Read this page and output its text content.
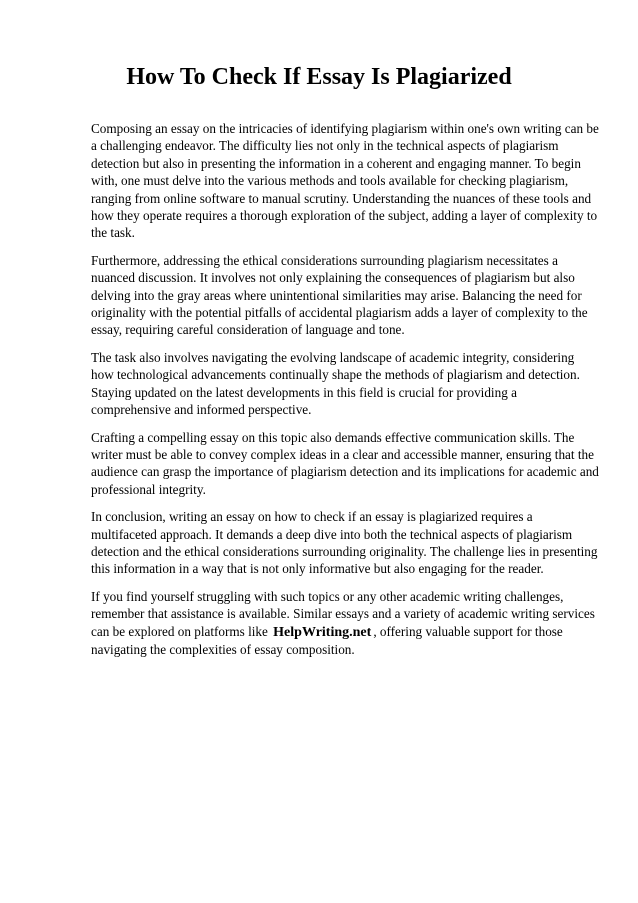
How To Check If Essay Is Plagiarized

Composing an essay on the intricacies of identifying plagiarism within one's own writing can be a challenging endeavor. The difficulty lies not only in the technical aspects of plagiarism detection but also in presenting the information in a coherent and engaging manner. To begin with, one must delve into the various methods and tools available for checking plagiarism, ranging from online software to manual scrutiny. Understanding the nuances of these tools and how they operate requires a thorough exploration of the subject, adding a layer of complexity to the task.

Furthermore, addressing the ethical considerations surrounding plagiarism necessitates a nuanced discussion. It involves not only explaining the consequences of plagiarism but also delving into the gray areas where unintentional similarities may arise. Balancing the need for originality with the potential pitfalls of accidental plagiarism adds a layer of complexity to the essay, requiring careful consideration of language and tone.

The task also involves navigating the evolving landscape of academic integrity, considering how technological advancements continually shape the methods of plagiarism and detection. Staying updated on the latest developments in this field is crucial for providing a comprehensive and informed perspective.

Crafting a compelling essay on this topic also demands effective communication skills. The writer must be able to convey complex ideas in a clear and accessible manner, ensuring that the audience can grasp the importance of plagiarism detection and its implications for academic and professional integrity.

In conclusion, writing an essay on how to check if an essay is plagiarized requires a multifaceted approach. It demands a deep dive into both the technical aspects of plagiarism detection and the ethical considerations surrounding originality. The challenge lies in presenting this information in a way that is not only informative but also engaging for the reader.

If you find yourself struggling with such topics or any other academic writing challenges, remember that assistance is available. Similar essays and a variety of academic writing services can be explored on platforms like HelpWriting.net , offering valuable support for those navigating the complexities of essay composition.
